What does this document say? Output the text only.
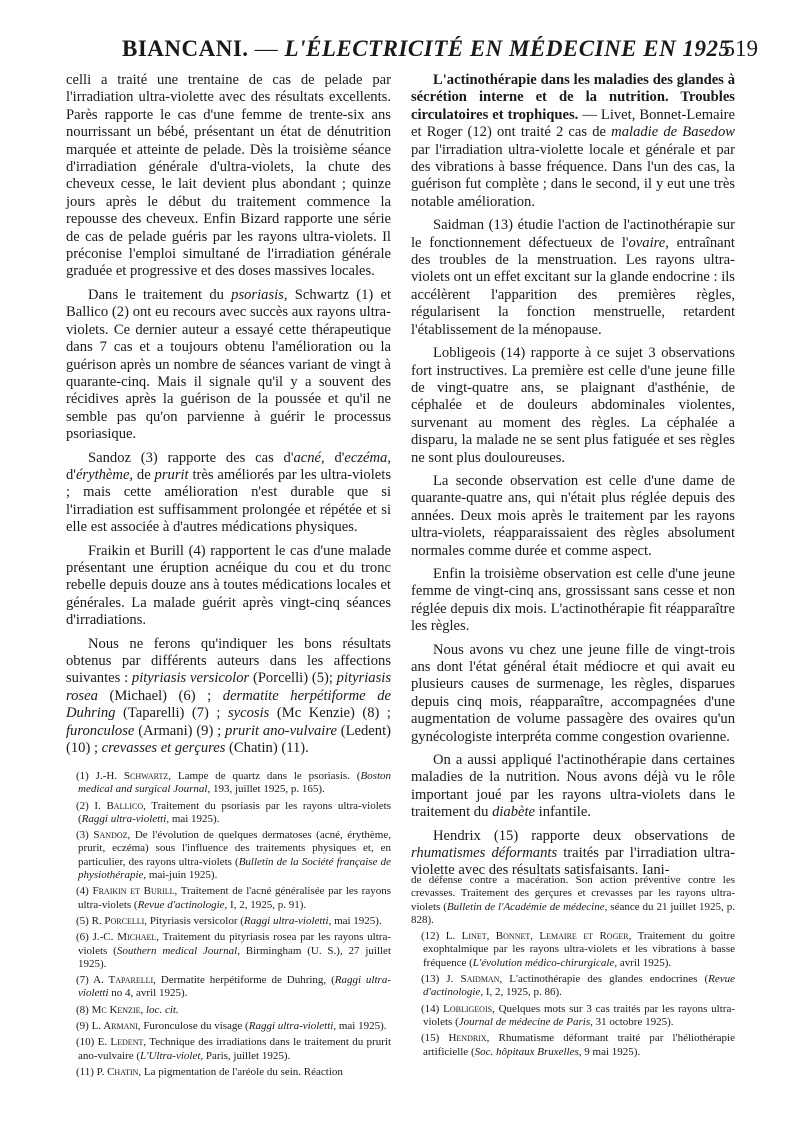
BIANCANI. — L'ÉLECTRICITÉ EN MÉDECINE EN 1925
519

celli a traité une trentaine de cas de pelade par l'irradiation ultra-violette avec des résultats excellents. Parès rapporte le cas d'une femme de trente-six ans nourrissant un bébé, présentant un état de dénutrition marquée et atteinte de pelade. Dès la troisième séance d'irradiation générale d'ultra-violets, la chute des cheveux cesse, le lait devient plus abondant ; quinze jours après le début du traitement commence la repousse des cheveux. Enfin Bizard rapporte une série de cas de pelade guéris par les rayons ultra-violets. Il préconise l'emploi simultané de l'irradiation générale graduée et progressive et des doses massives locales.

Dans le traitement du psoriasis, Schwartz (1) et Ballico (2) ont eu recours avec succès aux rayons ultra-violets. Ce dernier auteur a essayé cette thérapeutique dans 7 cas et a toujours obtenu l'amélioration ou la guérison après un nombre de séances variant de vingt à quarante-cinq. Mais il signale qu'il y a souvent des récidives après la guérison de la poussée et qu'il ne semble pas qu'on parvienne à guérir le processus psoriasique.

Sandoz (3) rapporte des cas d'acné, d'eczéma, d'érythème, de prurit très améliorés par les ultra-violets ; mais cette amélioration n'est durable que si l'irradiation est suffisamment prolongée et répétée et si elle est associée à d'autres médications physiques.

Fraikin et Burill (4) rapportent le cas d'une malade présentant une éruption acnéique du cou et du tronc rebelle depuis douze ans à toutes médications locales et générales. La malade guérit après vingt-cinq séances d'irradiations.

Nous ne ferons qu'indiquer les bons résultats obtenus par différents auteurs dans les affections suivantes : pityriasis versicolor (Porcelli) (5); pityriasis rosea (Michael) (6) ; dermatite herpétiforme de Duhring (Taparelli) (7) ; sycosis (Mc Kenzie) (8) ; furonculose (Armani) (9) ; prurit ano-vulvaire (Ledent) (10) ; crevasses et gerçures (Chatin) (11).

L'actinothérapie dans les maladies des glandes à sécrétion interne et de la nutrition. Troubles circulatoires et trophiques. — Livet, Bonnet-Lemaire et Roger (12) ont traité 2 cas de maladie de Basedow par l'irradiation ultra-violette locale et générale et par des vibrations à basse fréquence. Dans l'un des cas, la guérison fut complète ; dans le second, il y eut une très notable amélioration.

Saidman (13) étudie l'action de l'actinothérapie sur le fonctionnement défectueux de l'ovaire, entraînant des troubles de la menstruation. Les rayons ultra-violets ont un effet excitant sur la glande endocrine : ils accélèrent l'apparition des premières règles, régularisent la fonction menstruelle, retardent l'établissement de la ménopause.

Lobligeois (14) rapporte à ce sujet 3 observations fort instructives. La première est celle d'une jeune fille de vingt-quatre ans, se plaignant d'asthénie, de céphalée et de douleurs abdominales violentes, survenant au moment des règles. La céphalée a disparu, la malade ne se sent plus fatiguée et ses règles ne sont plus douloureuses.

La seconde observation est celle d'une dame de quarante-quatre ans, qui n'était plus réglée depuis des années. Deux mois après le traitement par les rayons ultra-violets, réapparaissaient des règles absolument normales comme durée et comme aspect.

Enfin la troisième observation est celle d'une jeune femme de vingt-cinq ans, grossissant sans cesse et non réglée depuis dix mois. L'actinothérapie fit réapparaître les règles.

Nous avons vu chez une jeune fille de vingt-trois ans dont l'état général était médiocre et qui avait eu plusieurs causes de surmenage, les règles, disparues depuis cinq mois, réapparaître, accompagnées d'une augmentation de volume passagère des ovaires qu'un gynécologiste interpréta comme congestion ovarienne.

On a aussi appliqué l'actinothérapie dans certaines maladies de la nutrition. Nous avons déjà vu le rôle important joué par les rayons ultra-violets dans le traitement du diabète infantile.

Hendrix (15) rapporte deux observations de rhumatismes déformants traités par l'irradiation ultra-violette avec des résultats satisfaisants. Iani-

(1) J.-H. Schwartz, Lampe de quartz dans le psoriasis. (Boston medical and surgical Journal, 193, juillet 1925, p. 165).

(2) I. Ballico, Traitement du psoriasis par les rayons ultra-violets (Raggi ultra-violetti, mai 1925).

(3) Sandoz, De l'évolution de quelques dermatoses (acné, érythème, prurit, eczéma) sous l'influence des traitements physiques et, en particulier, des rayons ultra-violets (Bulletin de la Société française de physiothérapie, mai-juin 1925).

(4) Fraikin et Burill, Traitement de l'acné généralisée par les rayons ultra-violets (Revue d'actinologie, I, 2, 1925, p. 91).

(5) R. Porcelli, Pityriasis versicolor (Raggi ultra-violetti, mai 1925).

(6) J.-C. Michael, Traitement du pityriasis rosea par les rayons ultra-violets (Southern medical Journal, Birmingham (U. S.), 27 juillet 1925).

(7) A. Taparelli, Dermatite herpétiforme de Duhring, (Raggi ultra-violetti no 4, avril 1925).

(8) Mc Kenzie, loc. cit.

(9) L. Armani, Furonculose du visage (Raggi ultra-violetti, mai 1925).

(10) E. Ledent, Technique des irradiations dans le traitement du prurit ano-vulvaire (L'Ultra-violet, Paris, juillet 1925).

(11) P. Chatin, La pigmentation de l'aréole du sein. Réaction

de défense contre a macération. Son action préventive contre les crevasses. Traitement des gerçures et crevasses par les rayons ultra-violets (Bulletin de l'Académie de médecine, séance du 21 juillet 1925, p. 828).

(12) L. Linet, Bonnet, Lemaire et Roger, Traitement du goitre exophtalmique par les rayons ultra-violets et les vibrations à basse fréquence (L'évolution médico-chirurgicale, avril 1925).

(13) J. Saidman, L'actinothérapie des glandes endocrines (Revue d'actinologie, I, 2, 1925, p. 86).

(14) Lobligeois, Quelques mots sur 3 cas traités par les rayons ultra-violets (Journal de médecine de Paris, 31 octobre 1925).

(15) Hendrix, Rhumatisme déformant traité par l'héliothérapie artificielle (Soc. hôpitaux Bruxelles, 9 mai 1925).
